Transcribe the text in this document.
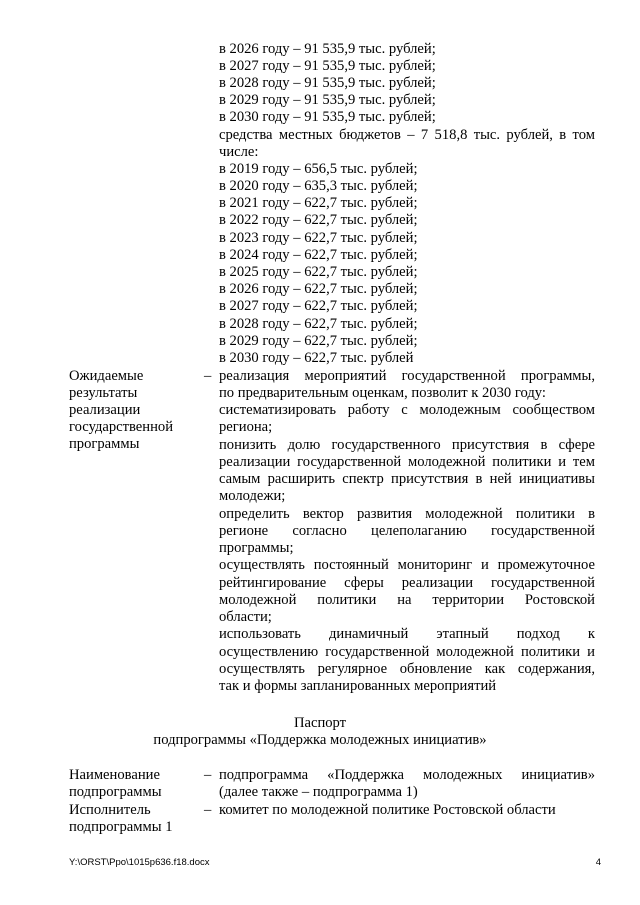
в 2026 году – 91 535,9 тыс. рублей;
в 2027 году – 91 535,9 тыс. рублей;
в 2028 году – 91 535,9 тыс. рублей;
в 2029 году – 91 535,9 тыс. рублей;
в 2030 году – 91 535,9 тыс. рублей;
средства местных бюджетов – 7 518,8 тыс. рублей, в том
числе:
в 2019 году – 656,5 тыс. рублей;
в 2020 году – 635,3 тыс. рублей;
в 2021 году – 622,7 тыс. рублей;
в 2022 году – 622,7 тыс. рублей;
в 2023 году – 622,7 тыс. рублей;
в 2024 году – 622,7 тыс. рублей;
в 2025 году – 622,7 тыс. рублей;
в 2026 году – 622,7 тыс. рублей;
в 2027 году – 622,7 тыс. рублей;
в 2028 году – 622,7 тыс. рублей;
в 2029 году – 622,7 тыс. рублей;
в 2030 году – 622,7 тыс. рублей
Ожидаемые
результаты
реализации
государственной
программы
– реализация мероприятий государственной программы,
по предварительным оценкам, позволит к 2030 году:
систематизировать работу с молодежным сообществом
региона;
понизить долю государственного присутствия в сфере
реализации государственной молодежной политики и тем
самым расширить спектр присутствия в ней инициативы
молодежи;
определить вектор развития молодежной политики в
регионе согласно целеполаганию государственной
программы;
осуществлять постоянный мониторинг и промежуточное
рейтингирование сферы реализации государственной
молодежной политики на территории Ростовской
области;
использовать динамичный этапный подход к
осуществлению государственной молодежной политики и
осуществлять регулярное обновление как содержания,
так и формы запланированных мероприятий
Паспорт
подпрограммы «Поддержка молодежных инициатив»
Наименование
подпрограммы
– подпрограмма «Поддержка молодежных инициатив»
(далее также – подпрограмма 1)
Исполнитель
подпрограммы 1
– комитет по молодежной политике Ростовской области
Y:\ORST\Ppo\1015p636.f18.docx	4
